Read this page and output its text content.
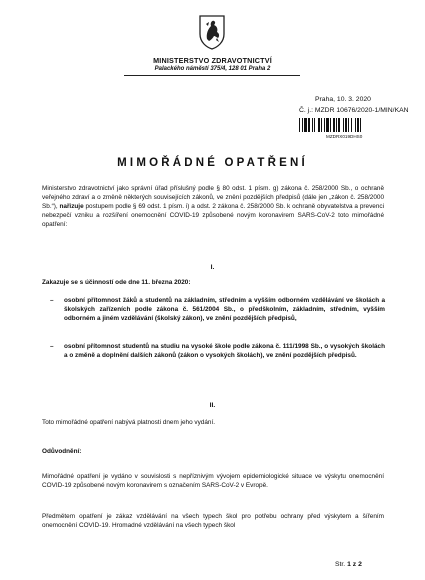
MINISTERSTVO ZDRAVOTNICTVÍ
Palackého náměstí 375/4, 128 01 Praha 2
Praha, 10. 3. 2020
Č. j.: MZDR 10676/2020-1/MIN/KAN
MZDRX019DHS0
MIMOŘÁDNÉ OPATŘENÍ
Ministerstvo zdravotnictví jako správní úřad příslušný podle § 80 odst. 1 písm. g) zákona č. 258/2000 Sb., o ochraně veřejného zdraví a o změně některých souvisejících zákonů, ve znění pozdějších předpisů (dále jen „zákon č. 258/2000 Sb.“), nařizuje postupem podle § 69 odst. 1 písm. i) a odst. 2 zákona č. 258/2000 Sb. k ochraně obyvatelstva a prevenci nebezpečí vzniku a rozšíření onemocnění COVID-19 způsobené novým koronavirem SARS-CoV-2 toto mimořádné opatření:
I.
Zakazuje se s účinností ode dne 11. března 2020:
– osobní přítomnost žáků a studentů na základním, středním a vyšším odborném vzdělávání ve školách a školských zařízeních podle zákona č. 561/2004 Sb., o předškolním, základním, středním, vyšším odborném a jiném vzdělávání (školský zákon), ve znění pozdějších předpisů,
– osobní přítomnost studentů na studiu na vysoké škole podle zákona č. 111/1998 Sb., o vysokých školách a o změně a doplnění dalších zákonů (zákon o vysokých školách), ve znění pozdějších předpisů.
II.
Toto mimořádné opatření nabývá platnosti dnem jeho vydání.
Odůvodnění:
Mimořádné opatření je vydáno v souvislosti s nepříznivým vývojem epidemiologické situace ve výskytu onemocnění COVID-19 způsobené novým koronavirem s označením SARS-CoV-2 v Evropě.
Předmětem opatření je zákaz vzdělávání na všech typech škol pro potřebu ochrany před výskytem a šířením onemocnění COVID-19. Hromadné vzdělávání na všech typech škol
Str. 1 z 2
